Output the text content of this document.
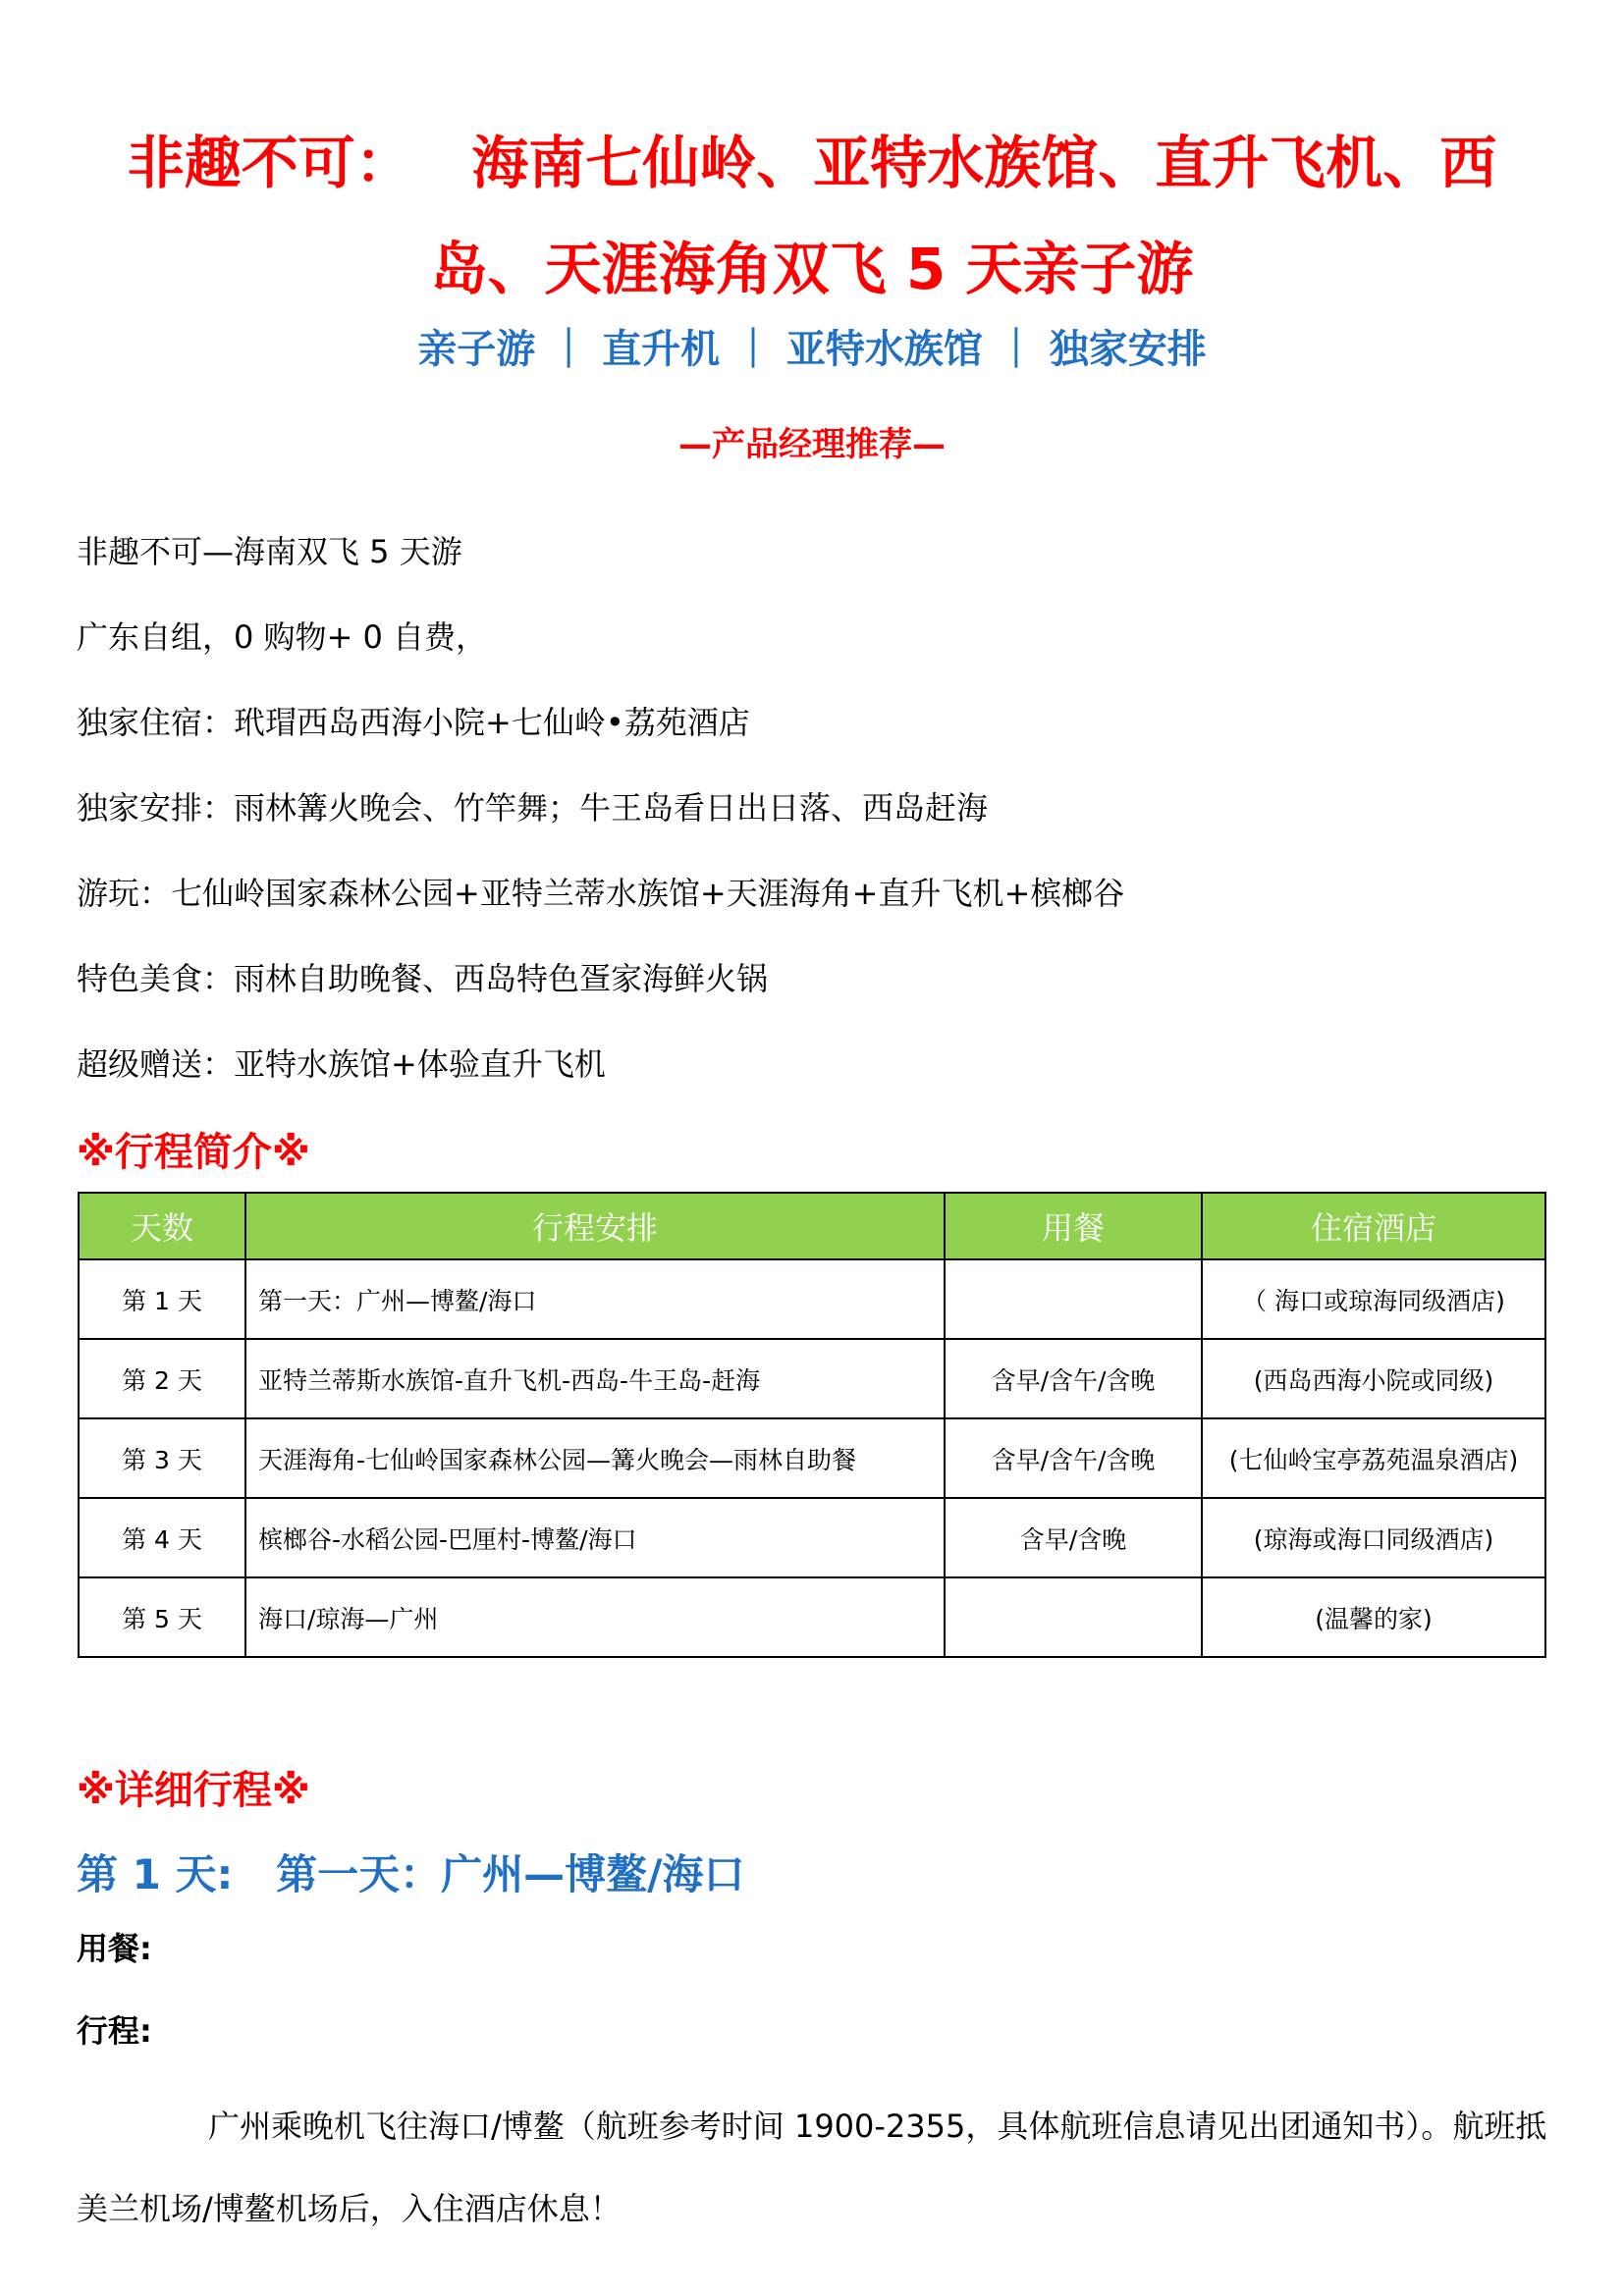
非趣不可：   海南七仙岭、亚特水族馆、直升飞机、西
岛、天涯海角双飞 5 天亲子游
亲子游 ｜ 直升机 ｜ 亚特水族馆 ｜ 独家安排
—产品经理推荐—

非趣不可—海南双飞 5 天游

广东自组，0 购物+ 0 自费，

独家住宿：玳瑁西岛西海小院+七仙岭•荔苑酒店

独家安排：雨林篝火晚会、竹竿舞；牛王岛看日出日落、西岛赶海

游玩：七仙岭国家森林公园+亚特兰蒂水族馆+天涯海角+直升飞机+槟榔谷

特色美食：雨林自助晚餐、西岛特色疍家海鲜火锅

超级赠送：亚特水族馆+体验直升飞机

※行程简介※
天数	行程安排	用餐	住宿酒店
第 1 天	第一天：广州—博鳌/海口		（ 海口或琼海同级酒店)
第 2 天	亚特兰蒂斯水族馆-直升飞机-西岛-牛王岛-赶海	含早/含午/含晚	(西岛西海小院或同级)
第 3 天	天涯海角-七仙岭国家森林公园—篝火晚会—雨林自助餐	含早/含午/含晚	(七仙岭宝亭荔苑温泉酒店)
第 4 天	槟榔谷-水稻公园-巴厘村-博鳌/海口	含早/含晚	(琼海或海口同级酒店)
第 5 天	海口/琼海—广州		(温馨的家)
※详细行程※
第 1 天:   第一天：广州—博鳌/海口
用餐:
行程:

广州乘晚机飞往海口/博鳌（航班参考时间 1900-2355，具体航班信息请见出团通知书）。航班抵美兰机场/博鳌机场后，入住酒店休息！
